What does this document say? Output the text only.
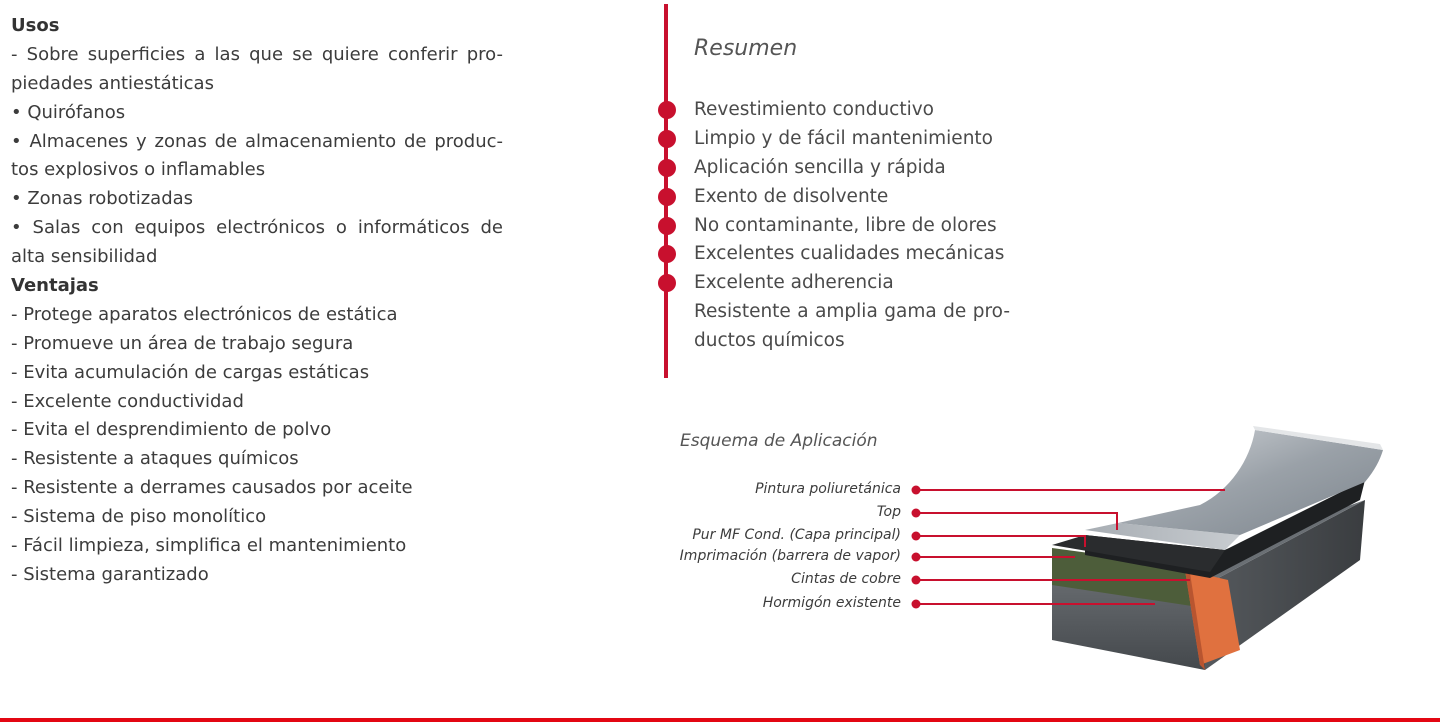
Usos
- Sobre superficies a las que se quiere conferir pro-
piedades antiestáticas
• Quirófanos
• Almacenes y zonas de almacenamiento de produc-
tos explosivos o inflamables
• Zonas robotizadas
• Salas con equipos electrónicos o informáticos de
alta sensibilidad
Ventajas
- Protege aparatos electrónicos de estática
- Promueve un área de trabajo segura
- Evita acumulación de cargas estáticas
- Excelente conductividad
- Evita el desprendimiento de polvo
- Resistente a ataques químicos
- Resistente a derrames causados por aceite
- Sistema de piso monolítico
- Fácil limpieza, simplifica el mantenimiento
- Sistema garantizado
Resumen
Revestimiento conductivo
Limpio y de fácil mantenimiento
Aplicación sencilla y rápida
Exento de disolvente
No contaminante, libre de olores
Excelentes cualidades mecánicas
Excelente adherencia
Resistente a amplia gama de pro-
ductos químicos
Esquema de Aplicación
Pintura poliuretánica
Top
Pur MF Cond. (Capa principal)
Imprimación (barrera de vapor)
Cintas de cobre
Hormigón existente
